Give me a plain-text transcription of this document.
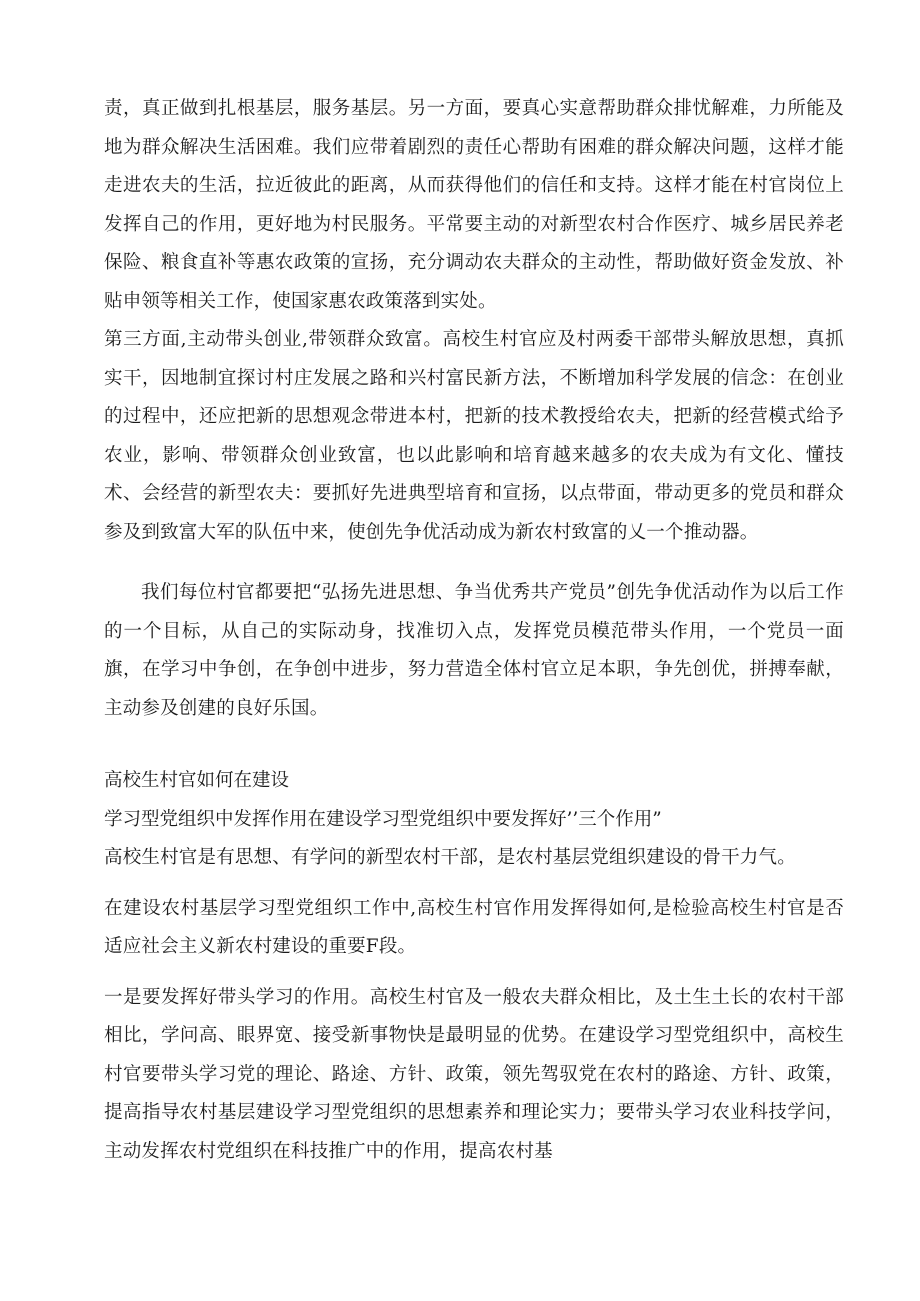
责，真正做到扎根基层，服务基层。另一方面，要真心实意帮助群众排忧解难，力所能及地为群众解决生活困难。我们应带着剧烈的责任心帮助有困难的群众解决问题，这样才能走进农夫的生活，拉近彼此的距离，从而获得他们的信任和支持。这样才能在村官岗位上发挥自己的作用，更好地为村民服务。平常要主动的对新型农村合作医疗、城乡居民养老保险、粮食直补等惠农政策的宣扬，充分调动农夫群众的主动性，帮助做好资金发放、补贴申领等相关工作，使国家惠农政策落到实处。

第三方面,主动带头创业,带领群众致富。高校生村官应及村两委干部带头解放思想，真抓实干，因地制宜探讨村庄发展之路和兴村富民新方法，不断增加科学发展的信念：在创业的过程中，还应把新的思想观念带进本村，把新的技术教授给农夫，把新的经营模式给予农业，影响、带领群众创业致富，也以此影响和培育越来越多的农夫成为有文化、懂技术、会经营的新型农夫：要抓好先进典型培育和宣扬，以点带面，带动更多的党员和群众参及到致富大军的队伍中来，使创先争优活动成为新农村致富的乂一个推动器。

我们每位村官都要把“弘扬先进思想、争当优秀共产党员”创先争优活动作为以后工作的一个目标，从自己的实际动身，找准切入点，发挥党员模范带头作用，一个党员一面旗，在学习中争创，在争创中进步，努力营造全体村官立足本职，争先创优，拼搏奉献，主动参及创建的良好乐国。

高校生村官如何在建设

学习型党组织中发挥作用在建设学习型党组织中要发挥好’’三个作用”

高校生村官是有思想、有学问的新型农村干部，是农村基层党组织建设的骨干力气。

在建设农村基层学习型党组织工作中,高校生村官作用发挥得如何,是检验高校生村官是否适应社会主义新农村建设的重要F段。

一是要发挥好带头学习的作用。高校生村官及一般农夫群众相比，及土生土长的农村干部相比，学问高、眼界宽、接受新事物快是最明显的优势。在建设学习型党组织中，高校生村官要带头学习党的理论、路途、方针、政策，领先驾驭党在农村的路途、方针、政策，提高指导农村基层建设学习型党组织的思想素养和理论实力；要带头学习农业科技学问，主动发挥农村党组织在科技推广中的作用，提高农村基
